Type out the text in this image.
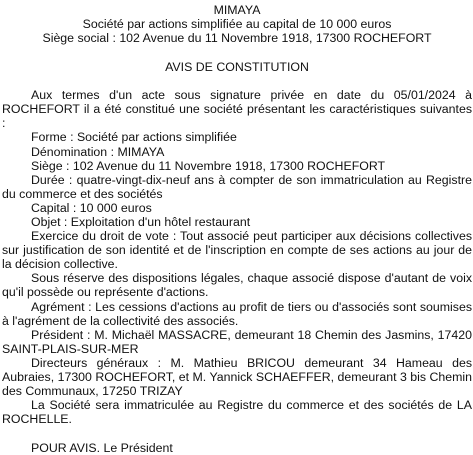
MIMAYA

Société par actions simplifiée au capital de 10 000 euros

Siège social : 102 Avenue du 11 Novembre 1918, 17300 ROCHEFORT

AVIS DE CONSTITUTION

Aux termes d'un acte sous signature privée en date du 05/01/2024 à ROCHEFORT il a été constitué une société présentant les caractéristiques suivantes :

Forme : Société par actions simplifiée

Dénomination : MIMAYA

Siège : 102 Avenue du 11 Novembre 1918, 17300 ROCHEFORT

Durée : quatre-vingt-dix-neuf ans à compter de son immatriculation au Registre du commerce et des sociétés

Capital : 10 000 euros

Objet : Exploitation d'un hôtel restaurant

Exercice du droit de vote : Tout associé peut participer aux décisions collectives sur justification de son identité et de l'inscription en compte de ses actions au jour de la décision collective.

Sous réserve des dispositions légales, chaque associé dispose d'autant de voix qu'il possède ou représente d'actions.

Agrément : Les cessions d'actions au profit de tiers ou d'associés sont soumises à l'agrément de la collectivité des associés.

Président : M. Michaël MASSACRE, demeurant 18 Chemin des Jasmins, 17420 SAINT-PLAIS-SUR-MER

Directeurs généraux : M. Mathieu BRICOU demeurant 34 Hameau des Aubraies, 17300 ROCHEFORT, et M. Yannick SCHAEFFER, demeurant 3 bis Chemin des Communaux, 17250 TRIZAY

La Société sera immatriculée au Registre du commerce et des sociétés de LA ROCHELLE.

POUR AVIS. Le Président
